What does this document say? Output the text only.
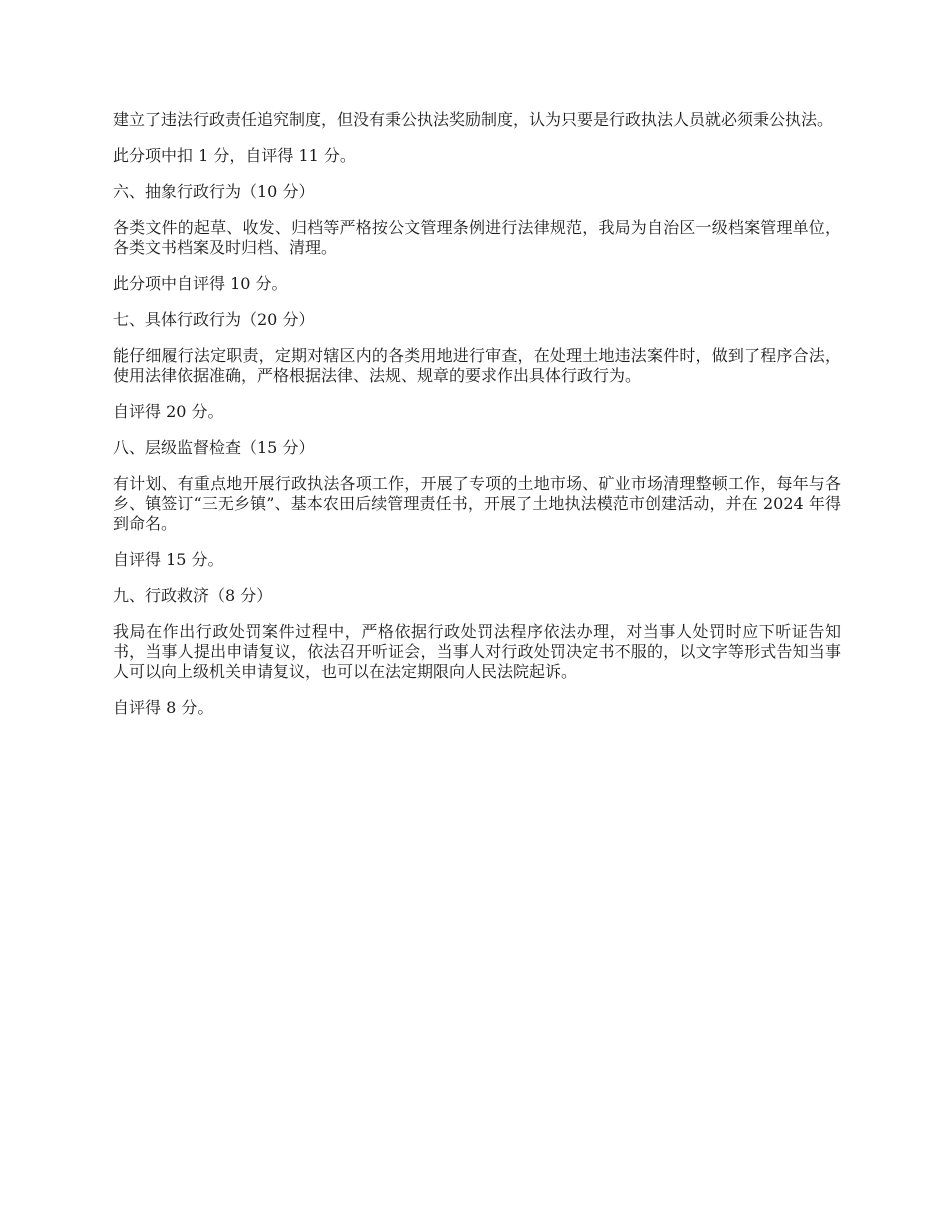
建立了违法行政责任追究制度，但没有秉公执法奖励制度，认为只要是行政执法人员就必须秉公执法。

此分项中扣 1 分，自评得 11 分。

六、抽象行政行为（10 分）

各类文件的起草、收发、归档等严格按公文管理条例进行法律规范，我局为自治区一级档案管理单位，各类文书档案及时归档、清理。

此分项中自评得 10 分。

七、具体行政行为（20 分）

能仔细履行法定职责，定期对辖区内的各类用地进行审查，在处理土地违法案件时，做到了程序合法，使用法律依据准确，严格根据法律、法规、规章的要求作出具体行政行为。

自评得 20 分。

八、层级监督检查（15 分）

有计划、有重点地开展行政执法各项工作，开展了专项的土地市场、矿业市场清理整顿工作，每年与各乡、镇签订“三无乡镇”、基本农田后续管理责任书，开展了土地执法模范市创建活动，并在 2024 年得到命名。

自评得 15 分。

九、行政救济（8 分）

我局在作出行政处罚案件过程中，严格依据行政处罚法程序依法办理，对当事人处罚时应下听证告知书，当事人提出申请复议，依法召开听证会，当事人对行政处罚决定书不服的，以文字等形式告知当事人可以向上级机关申请复议，也可以在法定期限向人民法院起诉。

自评得 8 分。
